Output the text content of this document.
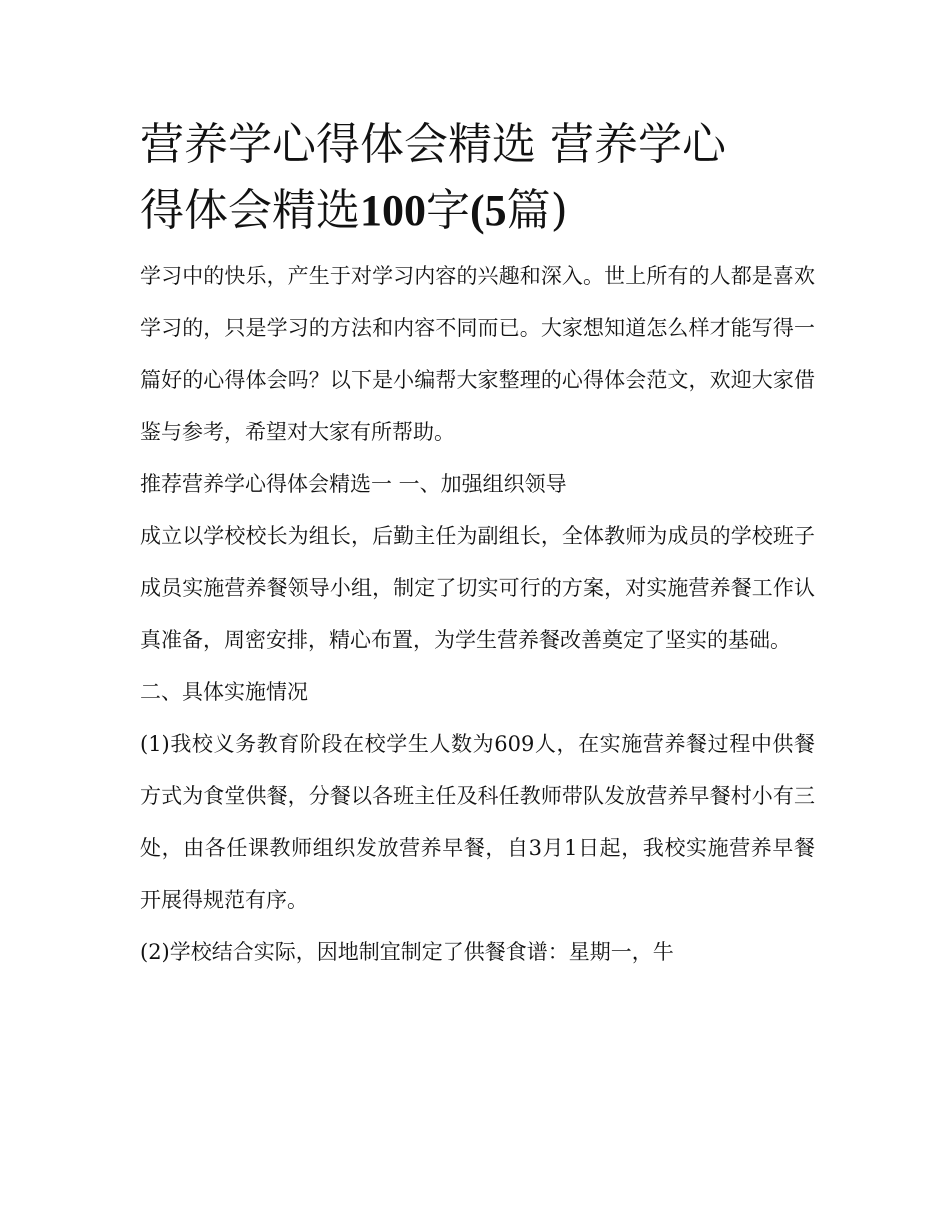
营养学心得体会精选 营养学心
得体会精选100字(5篇)

学习中的快乐，产生于对学习内容的兴趣和深入。世上所有的人都是喜欢学习的，只是学习的方法和内容不同而已。大家想知道怎么样才能写得一篇好的心得体会吗？以下是小编帮大家整理的心得体会范文，欢迎大家借鉴与参考，希望对大家有所帮助。

推荐营养学心得体会精选一 一、加强组织领导

成立以学校校长为组长，后勤主任为副组长，全体教师为成员的学校班子成员实施营养餐领导小组，制定了切实可行的方案，对实施营养餐工作认真准备，周密安排，精心布置，为学生营养餐改善奠定了坚实的基础。

二、具体实施情况

(1)我校义务教育阶段在校学生人数为609人，在实施营养餐过程中供餐方式为食堂供餐，分餐以各班主任及科任教师带队发放营养早餐村小有三处，由各任课教师组织发放营养早餐，自3月1日起，我校实施营养早餐开展得规范有序。

(2)学校结合实际，因地制宜制定了供餐食谱：星期一，牛
